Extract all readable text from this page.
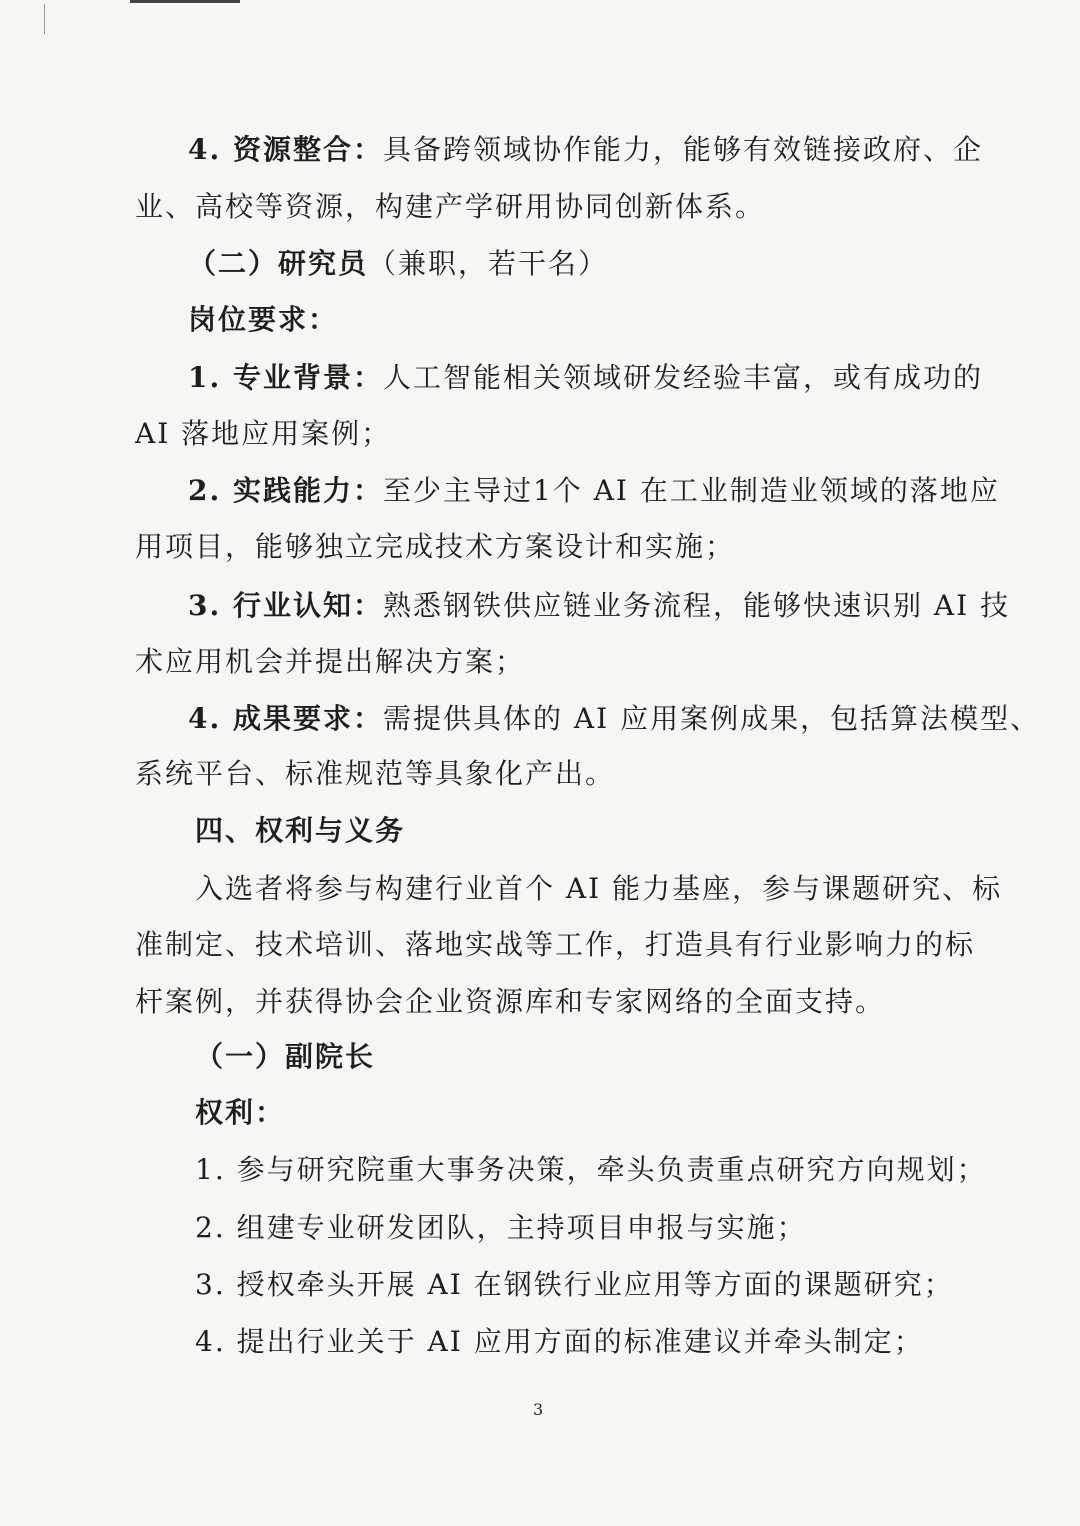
4. 资源整合：具备跨领域协作能力，能够有效链接政府、企
业、高校等资源，构建产学研用协同创新体系。
（二）研究员（兼职，若干名）
岗位要求：
1. 专业背景：人工智能相关领域研发经验丰富，或有成功的
AI 落地应用案例；
2. 实践能力：至少主导过1个 AI 在工业制造业领域的落地应
用项目，能够独立完成技术方案设计和实施；
3. 行业认知：熟悉钢铁供应链业务流程，能够快速识别 AI 技
术应用机会并提出解决方案；
4. 成果要求：需提供具体的 AI 应用案例成果，包括算法模型、
系统平台、标准规范等具象化产出。
四、权利与义务
入选者将参与构建行业首个 AI 能力基座，参与课题研究、标
准制定、技术培训、落地实战等工作，打造具有行业影响力的标
杆案例，并获得协会企业资源库和专家网络的全面支持。
（一）副院长
权利：
1. 参与研究院重大事务决策，牵头负责重点研究方向规划；
2. 组建专业研发团队，主持项目申报与实施；
3. 授权牵头开展 AI 在钢铁行业应用等方面的课题研究；
4. 提出行业关于 AI 应用方面的标准建议并牵头制定；
3
